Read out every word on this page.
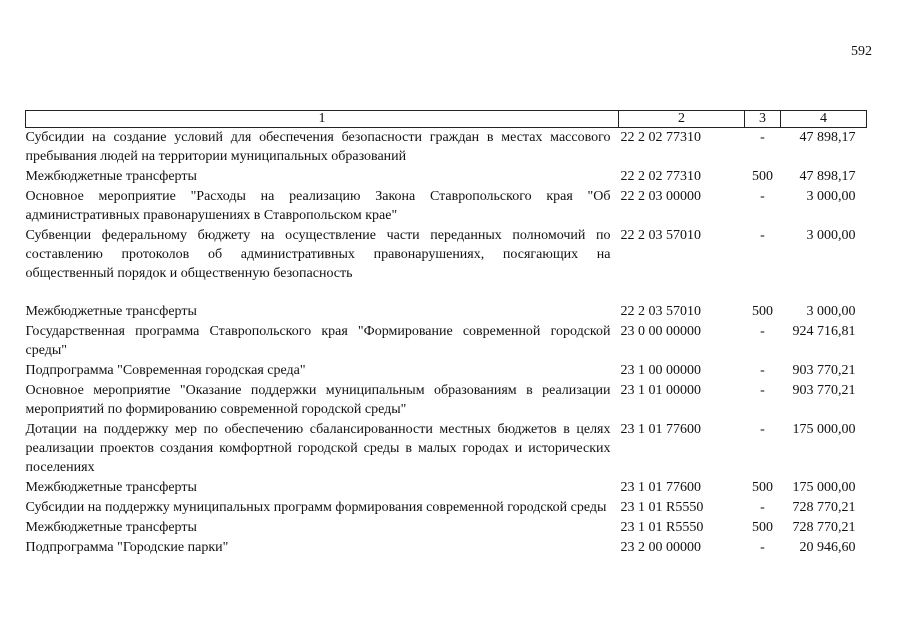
592
1	2	3	4
Субсидии на создание условий для обеспечения безопасности граждан в местах массового пребывания людей на территории муниципальных образований	22 2 02 77310	-	47 898,17
Межбюджетные трансферты	22 2 02 77310	500	47 898,17
Основное мероприятие "Расходы на реализацию Закона Ставропольского края "Об административных правонарушениях в Ставропольском крае"	22 2 03 00000	-	3 000,00
Субвенции федеральному бюджету на осуществление части переданных полномочий по составлению протоколов об административных правонарушениях, посягающих на общественный порядок и общественную безопасность	22 2 03 57010	-	3 000,00
Межбюджетные трансферты	22 2 03 57010	500	3 000,00
Государственная программа Ставропольского края "Формирование современной городской среды"	23 0 00 00000	-	924 716,81
Подпрограмма "Современная городская среда"	23 1 00 00000	-	903 770,21
Основное мероприятие "Оказание поддержки муниципальным образованиям в реализации мероприятий по формированию современной городской среды"	23 1 01 00000	-	903 770,21
Дотации на поддержку мер по обеспечению сбалансированности местных бюджетов в целях реализации проектов создания комфортной городской среды в малых городах и исторических поселениях	23 1 01 77600	-	175 000,00
Межбюджетные трансферты	23 1 01 77600	500	175 000,00
Субсидии на поддержку муниципальных программ формирования современной городской среды	23 1 01 R5550	-	728 770,21
Межбюджетные трансферты	23 1 01 R5550	500	728 770,21
Подпрограмма "Городские парки"	23 2 00 00000	-	20 946,60
